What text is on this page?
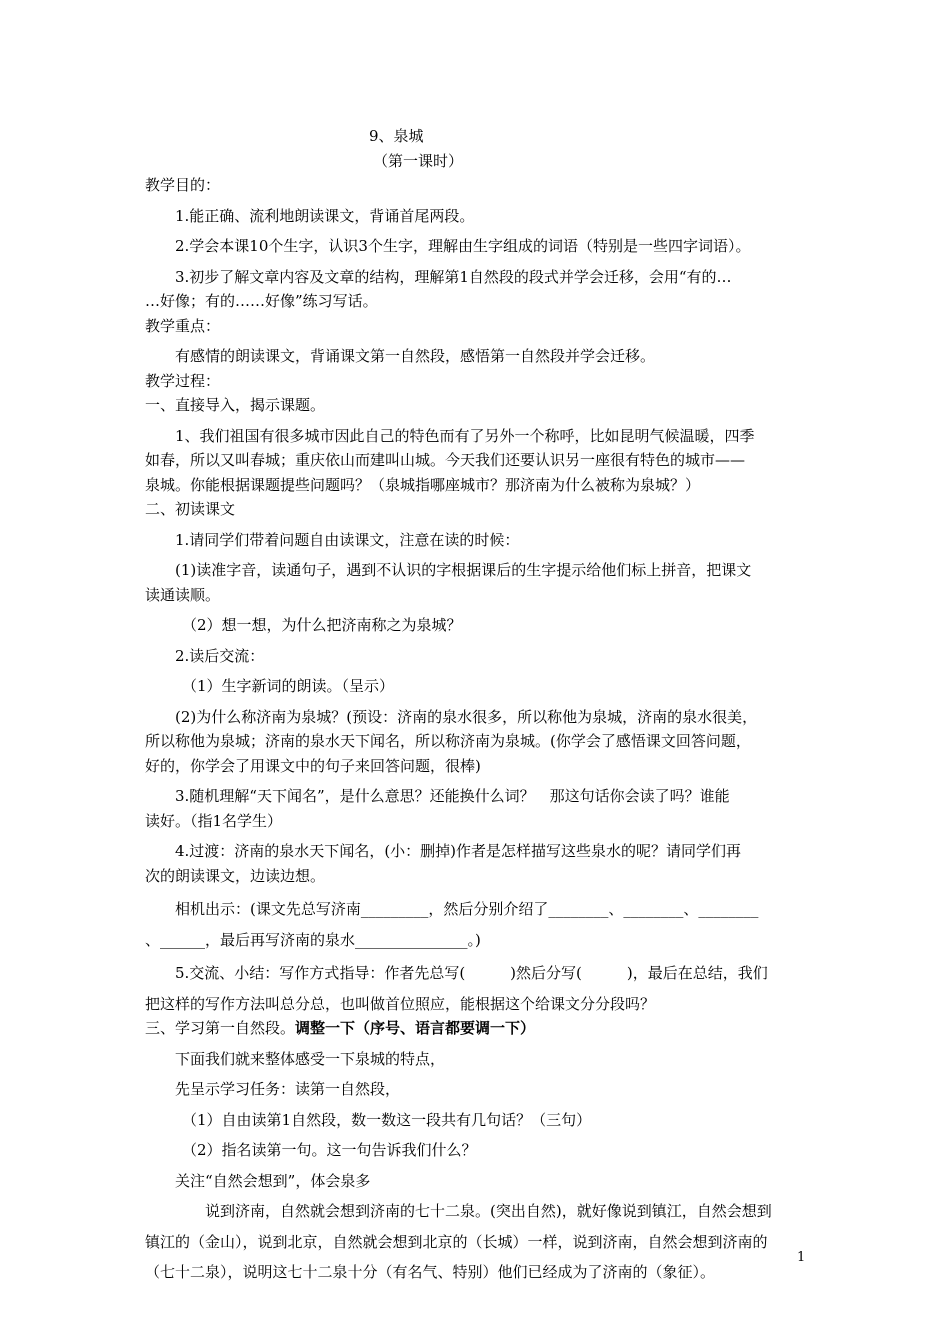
9、泉城
（第一课时）
教学目的：
1.能正确、流利地朗读课文，背诵首尾两段。
2.学会本课10个生字，认识3个生字，理解由生字组成的词语（特别是一些四字词语）。
3.初步了解文章内容及文章的结构，理解第1自然段的段式并学会迁移，会用“有的…
…好像；有的……好像”练习写话。
教学重点：
有感情的朗读课文，背诵课文第一自然段，感悟第一自然段并学会迁移。
教学过程：
一、直接导入，揭示课题。
1、我们祖国有很多城市因此自己的特色而有了另外一个称呼，比如昆明气候温暖，四季
如春，所以又叫春城；重庆依山而建叫山城。今天我们还要认识另一座很有特色的城市——
泉城。你能根据课题提些问题吗？（泉城指哪座城市？那济南为什么被称为泉城？）
二、初读课文
1.请同学们带着问题自由读课文，注意在读的时候：
(1)读准字音，读通句子，遇到不认识的字根据课后的生字提示给他们标上拼音，把课文
读通读顺。
（2）想一想，为什么把济南称之为泉城？
2.读后交流：
（1）生字新词的朗读。（呈示）
(2)为什么称济南为泉城？(预设：济南的泉水很多，所以称他为泉城，济南的泉水很美，
所以称他为泉城；济南的泉水天下闻名，所以称济南为泉城。(你学会了感悟课文回答问题，
好的，你学会了用课文中的句子来回答问题，很棒)
3.随机理解“天下闻名”，是什么意思？还能换什么词？　那这句话你会读了吗？谁能
读好。（指1名学生）
4.过渡：济南的泉水天下闻名，(小：删掉)作者是怎样描写这些泉水的呢？请同学们再
次的朗读课文，边读边想。
相机出示：(课文先总写济南_________，然后分别介绍了________、________、________
、______，最后再写济南的泉水_______________。)
5.交流、小结：写作方式指导：作者先总写(　　　)然后分写(　　　)，最后在总结，我们
把这样的写作方法叫总分总，也叫做首位照应，能根据这个给课文分分段吗？
三、学习第一自然段。调整一下（序号、语言都要调一下）
下面我们就来整体感受一下泉城的特点，
先呈示学习任务：读第一自然段，
（1）自由读第1自然段，数一数这一段共有几句话？（三句）
（2）指名读第一句。这一句告诉我们什么？
关注“自然会想到”，体会泉多
　说到济南，自然就会想到济南的七十二泉。(突出自然)，就好像说到镇江，自然会想到
镇江的（金山），说到北京，自然就会想到北京的（长城）一样，说到济南，自然会想到济南的
（七十二泉），说明这七十二泉十分（有名气、特别）他们已经成为了济南的（象征）。
1
